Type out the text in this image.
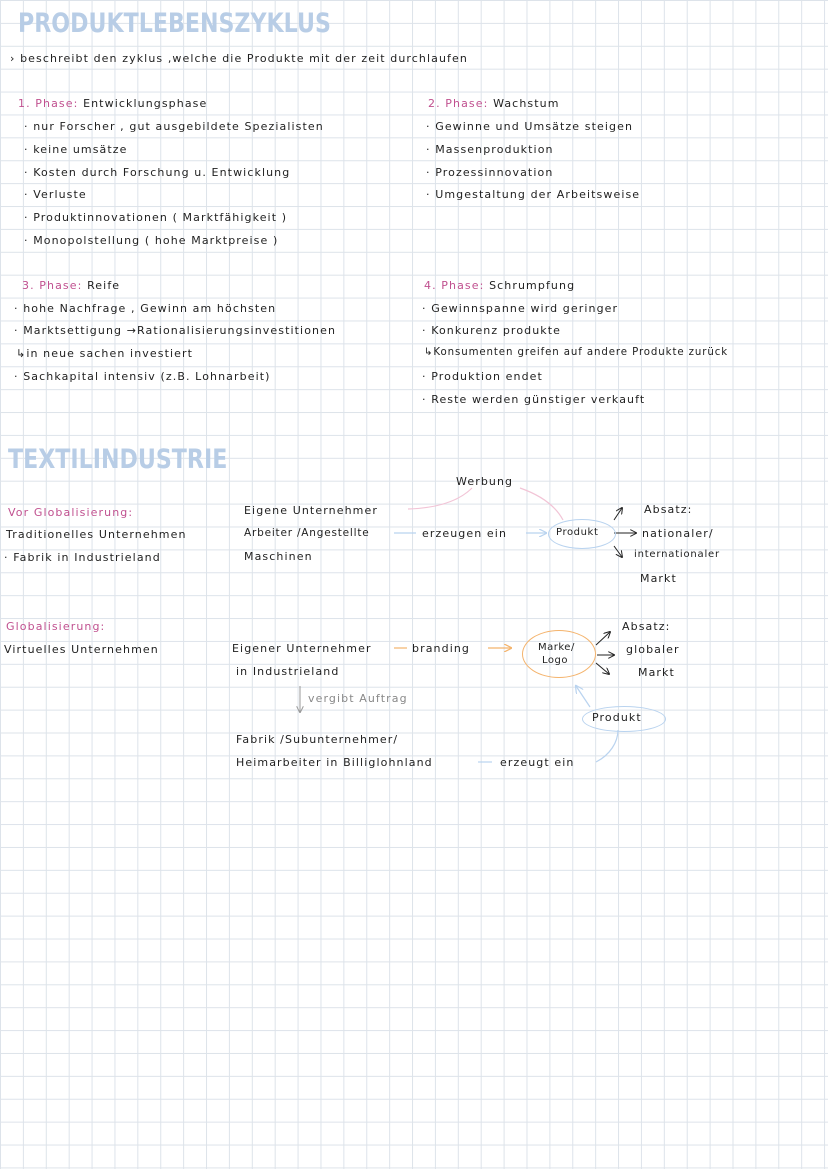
PRODUKTLEBENSZYKLUS
› beschreibt den zyklus ,welche die Produkte mit der zeit durchlaufen
1. Phase: Entwicklungsphase
· nur Forscher , gut ausgebildete Spezialisten
· keine umsätze
· Kosten durch Forschung u. Entwicklung
· Verluste
· Produktinnovationen ( Marktfähigkeit )
· Monopolstellung ( hohe Marktpreise )
2. Phase: Wachstum
· Gewinne und Umsätze steigen
· Massenproduktion
· Prozessinnovation
· Umgestaltung der Arbeitsweise
3. Phase: Reife
· hohe Nachfrage , Gewinn am höchsten
· Marktsettigung →Rationalisierungsinvestitionen
↳in neue sachen investiert
· Sachkapital intensiv (z.B. Lohnarbeit)
4. Phase: Schrumpfung
· Gewinnspanne wird geringer
· Konkurenz produkte
↳Konsumenten greifen auf andere Produkte zurück
· Produktion endet
· Reste werden günstiger verkauft
TEXTILINDUSTRIE
Vor Globalisierung:
Traditionelles Unternehmen
· Fabrik in Industrieland
Werbung
Eigene Unternehmer
Arbeiter /Angestellte
Maschinen
erzeugen ein	Produkt
Absatz:
nationaler/
internationaler
Markt
Globalisierung:
Virtuelles Unternehmen	Eigener Unternehmer
in Industrieland
branding	Marke/
Logo
Absatz:
globaler
Markt
vergibt Auftrag
Produkt
Fabrik /Subunternehmer/
Heimarbeiter in Billiglohnland	erzeugt ein
